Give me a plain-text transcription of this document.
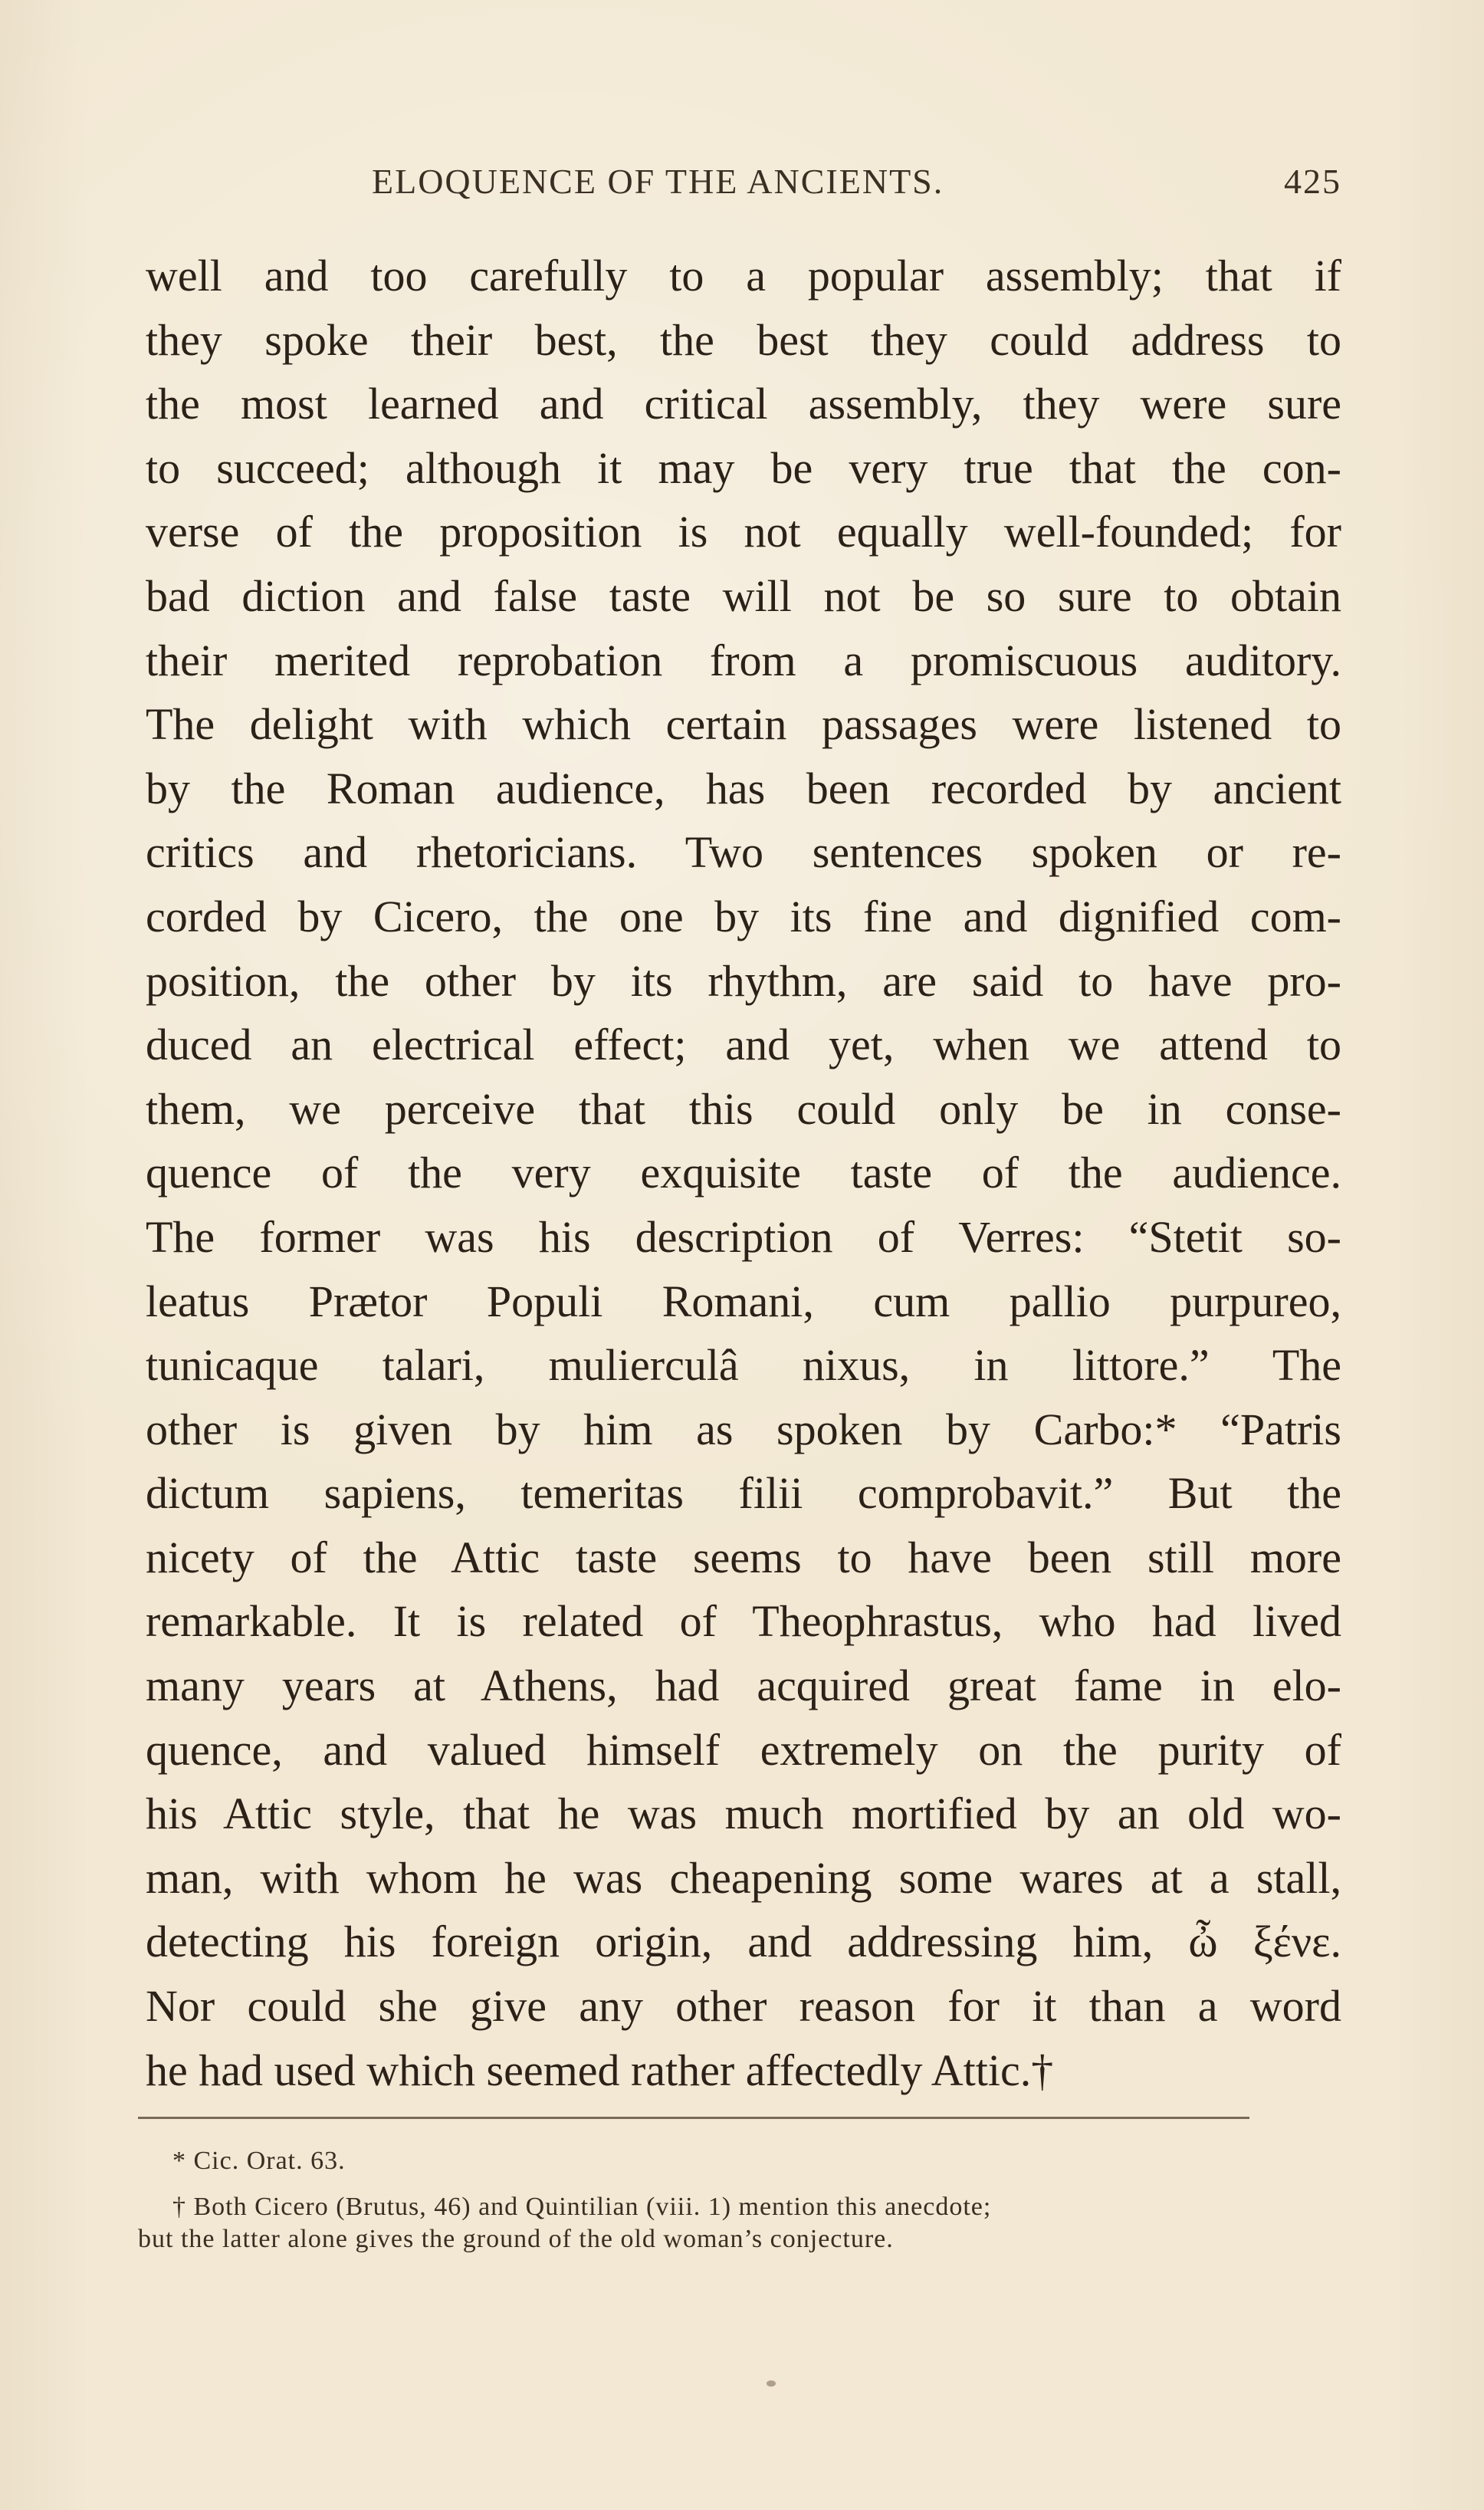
ELOQUENCE OF THE ANCIENTS.	425
well and too carefully to a popular assembly; that if
they spoke their best, the best they could address to
the most learned and critical assembly, they were sure
to succeed; although it may be very true that the con-
verse of the proposition is not equally well-founded; for
bad diction and false taste will not be so sure to obtain
their merited reprobation from a promiscuous auditory.
The delight with which certain passages were listened to
by the Roman audience, has been recorded by ancient
critics and rhetoricians. Two sentences spoken or re-
corded by Cicero, the one by its fine and dignified com-
position, the other by its rhythm, are said to have pro-
duced an electrical effect; and yet, when we attend to
them, we perceive that this could only be in conse-
quence of the very exquisite taste of the audience.
The former was his description of Verres: “Stetit so-
leatus Prætor Populi Romani, cum pallio purpureo,
tunicaque talari, mulierculâ nixus, in littore.” The
other is given by him as spoken by Carbo:* “Patris
dictum sapiens, temeritas filii comprobavit.” But the
nicety of the Attic taste seems to have been still more
remarkable. It is related of Theophrastus, who had lived
many years at Athens, had acquired great fame in elo-
quence, and valued himself extremely on the purity of
his Attic style, that he was much mortified by an old wo-
man, with whom he was cheapening some wares at a stall,
detecting his foreign origin, and addressing him, ὦ ξένε.
Nor could she give any other reason for it than a word
he had used which seemed rather affectedly Attic.†
* Cic. Orat. 63.
† Both Cicero (Brutus, 46) and Quintilian (viii. 1) mention this anecdote;
but the latter alone gives the ground of the old woman’s conjecture.
